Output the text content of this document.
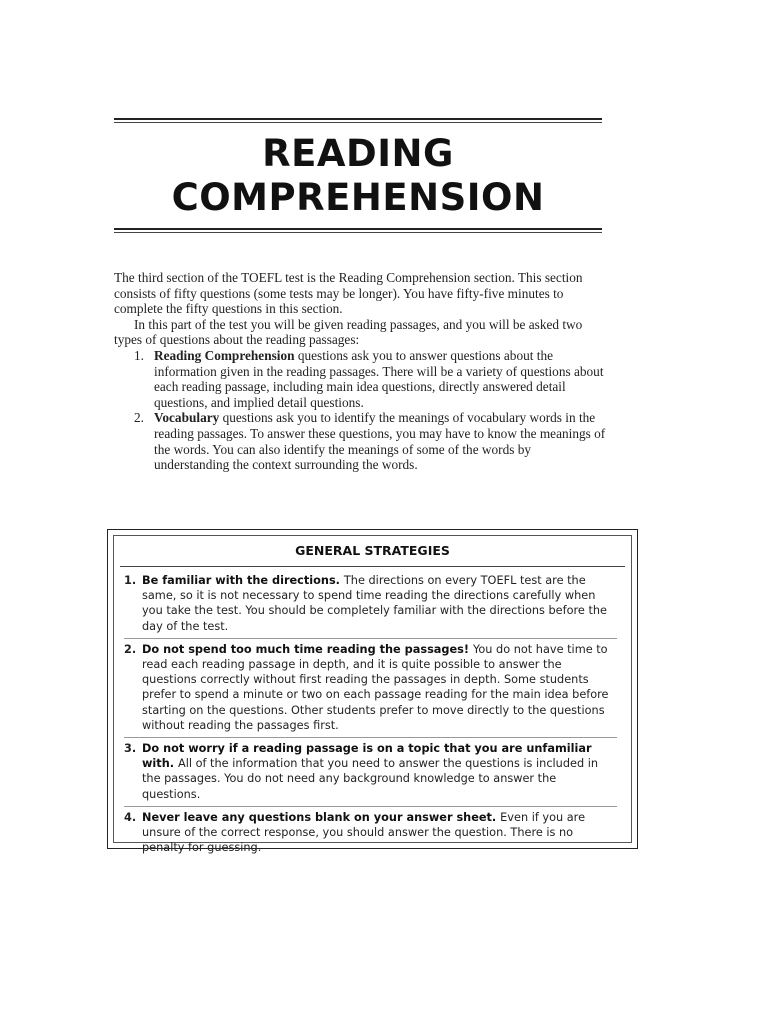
READING
COMPREHENSION

The third section of the TOEFL test is the Reading Comprehension section. This section consists of fifty questions (some tests may be longer). You have fifty-five minutes to complete the fifty questions in this section.

In this part of the test you will be given reading passages, and you will be asked two types of questions about the reading passages:

1. Reading Comprehension questions ask you to answer questions about the information given in the reading passages. There will be a variety of questions about each reading passage, including main idea questions, directly answered detail questions, and implied detail questions.
2. Vocabulary questions ask you to identify the meanings of vocabulary words in the reading passages. To answer these questions, you may have to know the meanings of the words. You can also identify the meanings of some of the words by understanding the context surrounding the words.
GENERAL STRATEGIES
1. Be familiar with the directions. The directions on every TOEFL test are the same, so it is not necessary to spend time reading the directions carefully when you take the test. You should be completely familiar with the directions before the day of the test.
2. Do not spend too much time reading the passages! You do not have time to read each reading passage in depth, and it is quite possible to answer the questions correctly without first reading the passages in depth. Some students prefer to spend a minute or two on each passage reading for the main idea before starting on the questions. Other students prefer to move directly to the questions without reading the passages first.
3. Do not worry if a reading passage is on a topic that you are unfamiliar with. All of the information that you need to answer the questions is included in the passages. You do not need any background knowledge to answer the questions.
4. Never leave any questions blank on your answer sheet. Even if you are unsure of the correct response, you should answer the question. There is no penalty for guessing.
